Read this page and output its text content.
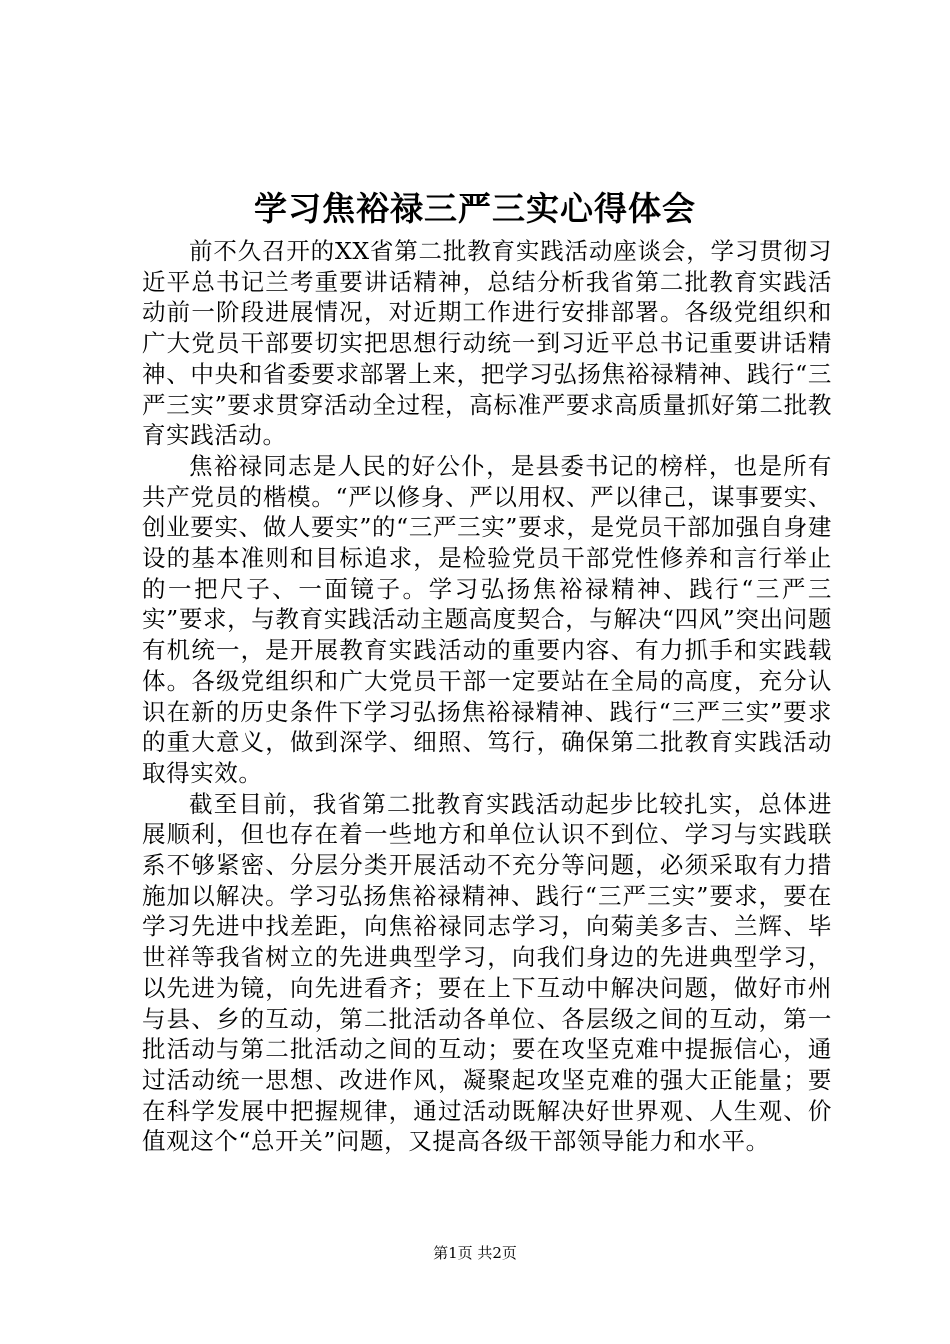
学习焦裕禄三严三实心得体会

前不久召开的XX省第二批教育实践活动座谈会，学习贯彻习近平总书记兰考重要讲话精神，总结分析我省第二批教育实践活动前一阶段进展情况，对近期工作进行安排部署。各级党组织和广大党员干部要切实把思想行动统一到习近平总书记重要讲话精神、中央和省委要求部署上来，把学习弘扬焦裕禄精神、践行“三严三实”要求贯穿活动全过程，高标准严要求高质量抓好第二批教育实践活动。

焦裕禄同志是人民的好公仆，是县委书记的榜样，也是所有共产党员的楷模。“严以修身、严以用权、严以律己，谋事要实、创业要实、做人要实”的“三严三实”要求，是党员干部加强自身建设的基本准则和目标追求，是检验党员干部党性修养和言行举止的一把尺子、一面镜子。学习弘扬焦裕禄精神、践行“三严三实”要求，与教育实践活动主题高度契合，与解决“四风”突出问题有机统一，是开展教育实践活动的重要内容、有力抓手和实践载体。各级党组织和广大党员干部一定要站在全局的高度，充分认识在新的历史条件下学习弘扬焦裕禄精神、践行“三严三实”要求的重大意义，做到深学、细照、笃行，确保第二批教育实践活动取得实效。

截至目前，我省第二批教育实践活动起步比较扎实，总体进展顺利，但也存在着一些地方和单位认识不到位、学习与实践联系不够紧密、分层分类开展活动不充分等问题，必须采取有力措施加以解决。学习弘扬焦裕禄精神、践行“三严三实”要求，要在学习先进中找差距，向焦裕禄同志学习，向菊美多吉、兰辉、毕世祥等我省树立的先进典型学习，向我们身边的先进典型学习，以先进为镜，向先进看齐；要在上下互动中解决问题，做好市州与县、乡的互动，第二批活动各单位、各层级之间的互动，第一批活动与第二批活动之间的互动；要在攻坚克难中提振信心，通过活动统一思想、改进作风，凝聚起攻坚克难的强大正能量；要在科学发展中把握规律，通过活动既解决好世界观、人生观、价值观这个“总开关”问题，又提高各级干部领导能力和水平。

第1页 共2页
